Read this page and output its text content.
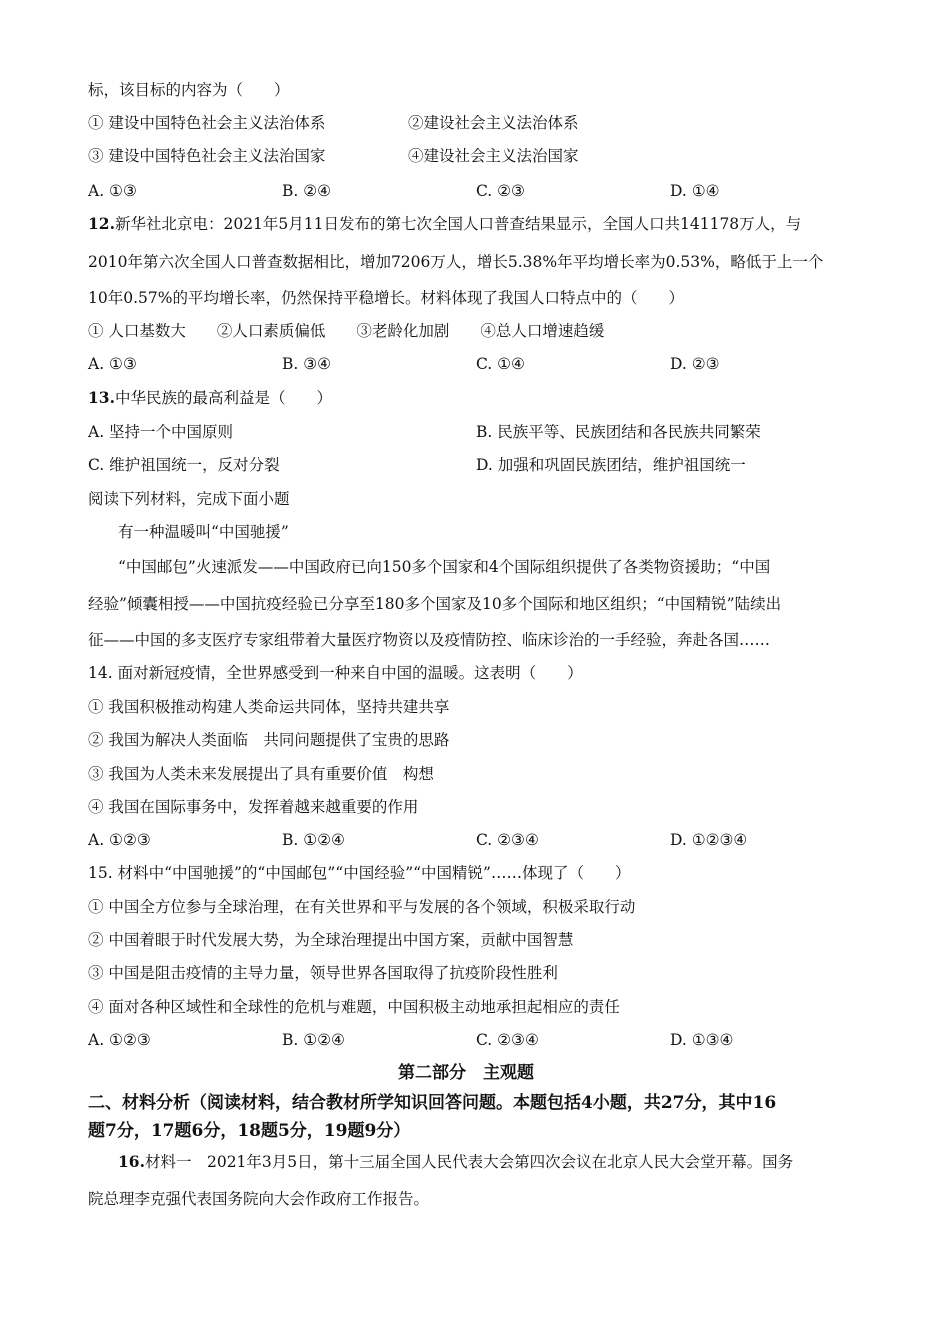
标，该目标的内容为（　　）
① 建设中国特色社会主义法治体系	②建设社会主义法治体系
③ 建设中国特色社会主义法治国家	④建设社会主义法治国家
A. ①③	B. ②④	C. ②③	D. ①④
12.新华社北京电：2021年5月11日发布的第七次全国人口普查结果显示，全国人口共141178万人，与
2010年第六次全国人口普查数据相比，增加7206万人，增长5.38%年平均增长率为0.53%，略低于上一个
10年0.57%的平均增长率，仍然保持平稳增长。材料体现了我国人口特点中的（　　）
① 人口基数大　　②人口素质偏低　　③老龄化加剧　　④总人口增速趋缓
A. ①③	B. ③④	C. ①④	D. ②③
13.中华民族的最高利益是（　　）
A. 坚持一个中国原则	B. 民族平等、民族团结和各民族共同繁荣
C. 维护祖国统一，反对分裂	D. 加强和巩固民族团结，维护祖国统一
阅读下列材料，完成下面小题
有一种温暖叫“中国驰援”
“中国邮包”火速派发——中国政府已向150多个国家和4个国际组织提供了各类物资援助；“中国
经验”倾囊相授——中国抗疫经验已分享至180多个国家及10多个国际和地区组织；“中国精锐”陆续出
征——中国的多支医疗专家组带着大量医疗物资以及疫情防控、临床诊治的一手经验，奔赴各国……
14. 面对新冠疫情，全世界感受到一种来自中国的温暖。这表明（　　）
① 我国积极推动构建人类命运共同体，坚持共建共享
② 我国为解决人类面临　共同问题提供了宝贵的思路
③ 我国为人类未来发展提出了具有重要价值　构想
④ 我国在国际事务中，发挥着越来越重要的作用
A. ①②③	B. ①②④	C. ②③④	D. ①②③④
15. 材料中“中国驰援”的“中国邮包”“中国经验”“中国精锐”……体现了（　　）
① 中国全方位参与全球治理，在有关世界和平与发展的各个领域，积极采取行动
② 中国着眼于时代发展大势，为全球治理提出中国方案，贡献中国智慧
③ 中国是阻击疫情的主导力量，领导世界各国取得了抗疫阶段性胜利
④ 面对各种区域性和全球性的危机与难题，中国积极主动地承担起相应的责任
A. ①②③	B. ①②④	C. ②③④	D. ①③④
第二部分　主观题
二、材料分析（阅读材料，结合教材所学知识回答问题。本题包括4小题，共27分，其中16
题7分，17题6分，18题5分，19题9分）
16.材料一　2021年3月5日，第十三届全国人民代表大会第四次会议在北京人民大会堂开幕。国务
院总理李克强代表国务院向大会作政府工作报告。
